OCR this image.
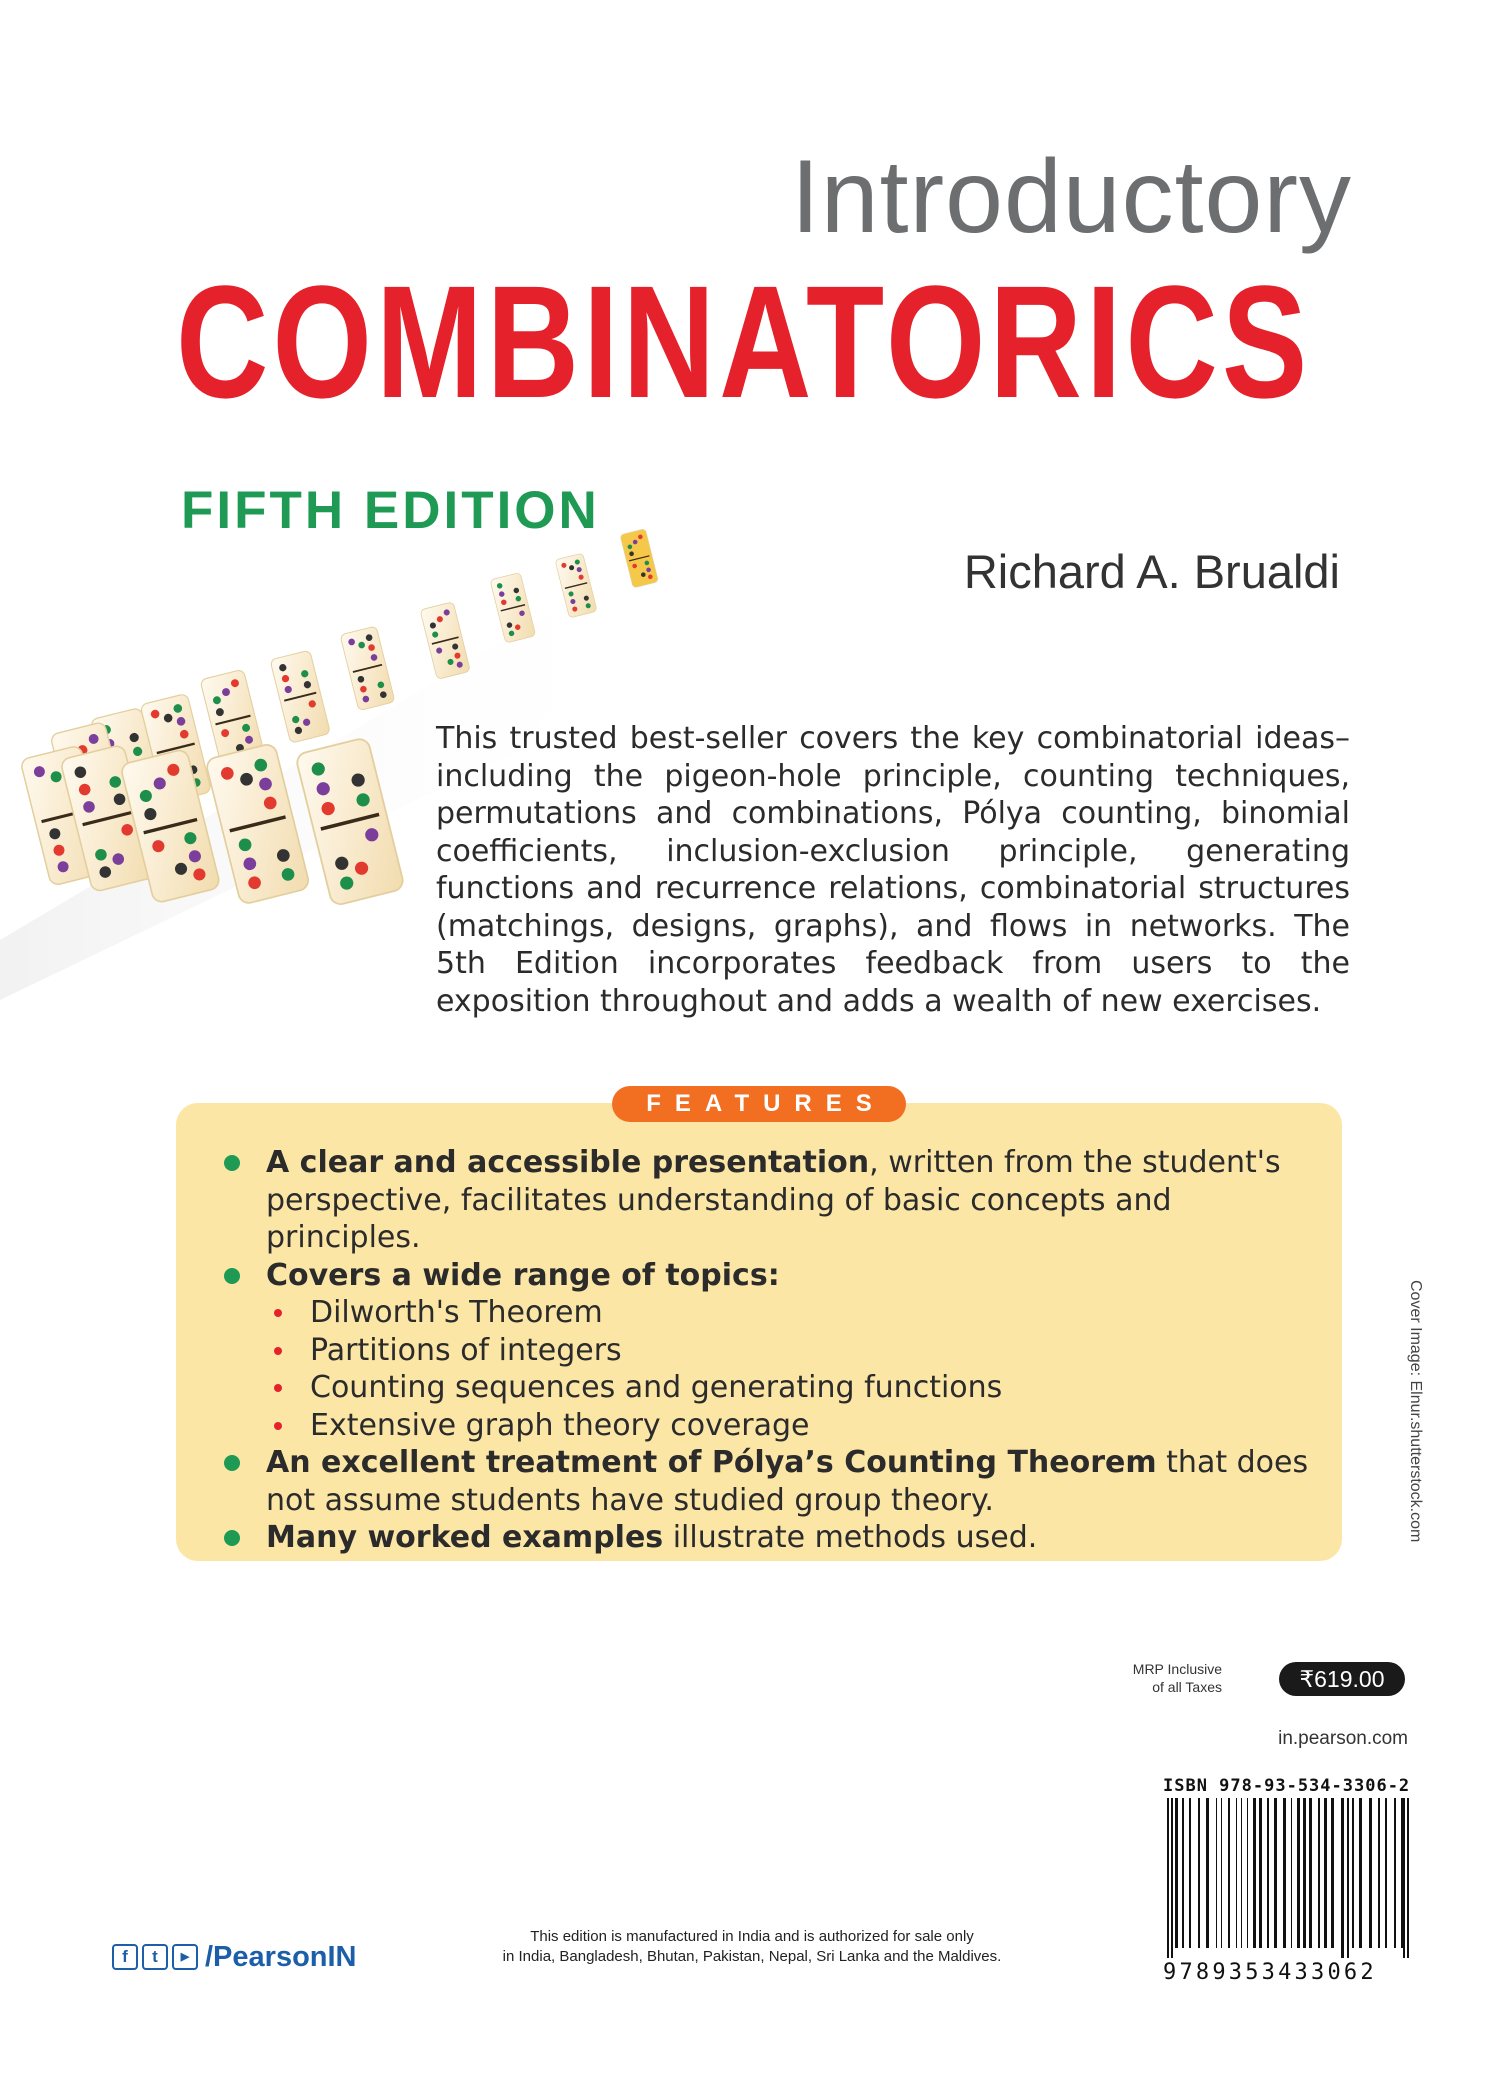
Introductory
COMBINATORICS
FIFTH EDITION
Richard A. Brualdi
This trusted best-seller covers the key combinatorial ideas–including the pigeon-hole principle, counting techniques, permutations and combinations, Pólya counting, binomial coefficients, inclusion-exclusion principle, generating functions and recurrence relations, combinatorial structures (matchings, designs, graphs), and flows in networks. The 5th Edition incorporates feedback from users to the exposition throughout and adds a wealth of new exercises.
FEATURES
A clear and accessible presentation, written from the student's perspective, facilitates understanding of basic concepts and principles.
Covers a wide range of topics:
Dilworth's Theorem
Partitions of integers
Counting sequences and generating functions
Extensive graph theory coverage
An excellent treatment of Pólya’s Counting Theorem that does not assume students have studied group theory.
Many worked examples illustrate methods used.	Cover Image: Elnur.shutterstock.com
MRP Inclusive
of all Taxes	₹619.00
in.pearson.com
ISBN 978-93-534-3306-2
9789353433062
f	t	▶ /PearsonIN
This edition is manufactured in India and is authorized for sale only
in India, Bangladesh, Bhutan, Pakistan, Nepal, Sri Lanka and the Maldives.
